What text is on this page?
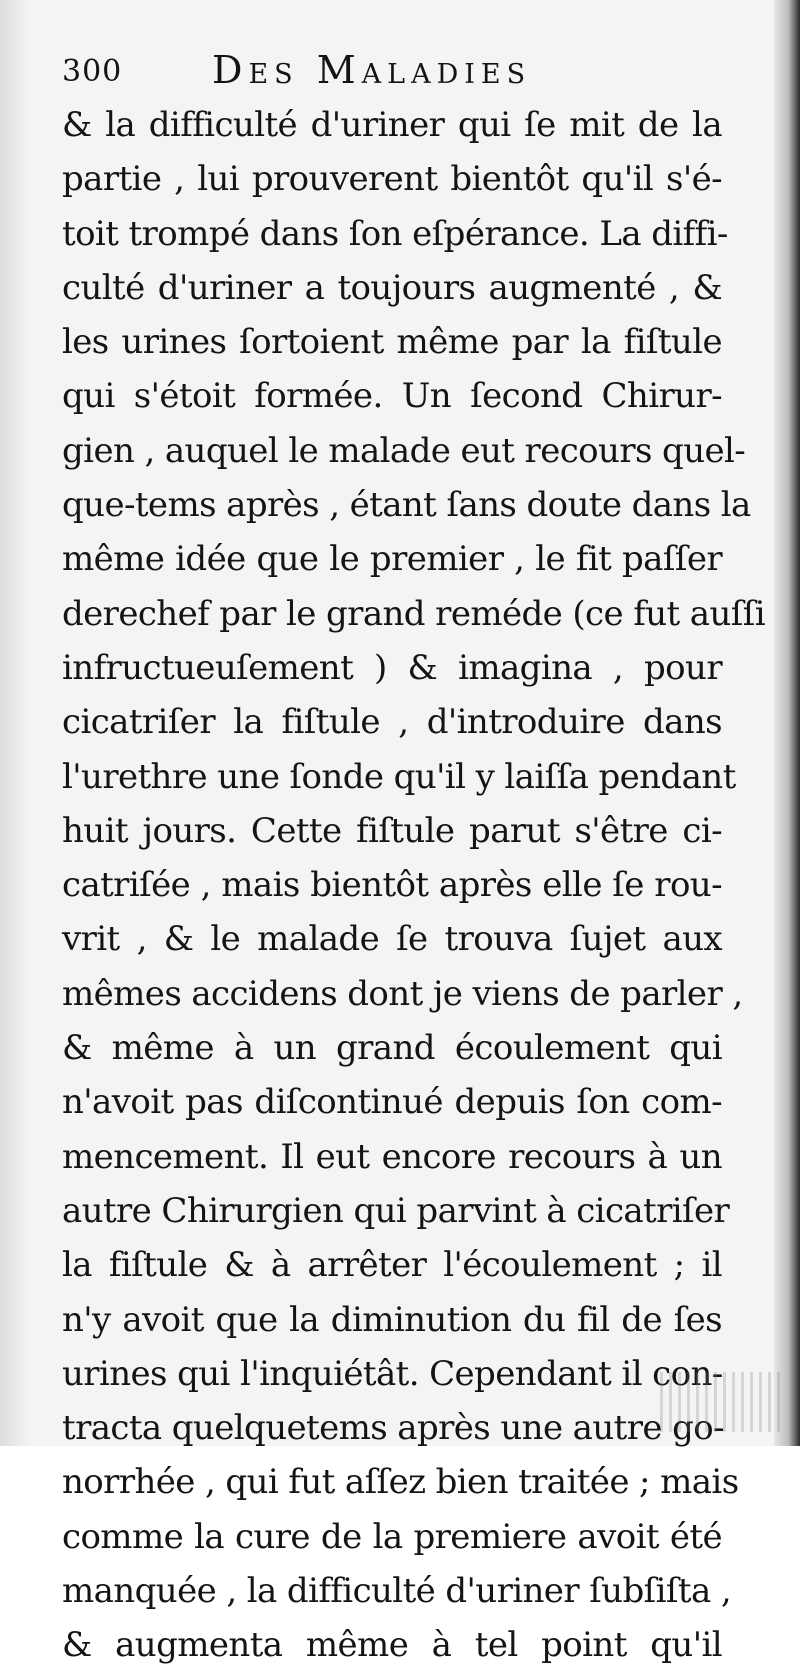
300 Des Maladies
& la difficulté d'uriner qui ſe mit de la
partie , lui prouverent bientôt qu'il s'é-
toit trompé dans ſon eſpérance. La diffi-
culté d'uriner a toujours augmenté , &
les urines ſortoient même par la fiſtule
qui s'étoit formée. Un ſecond Chirur-
gien , auquel le malade eut recours quel-
que-tems après , étant ſans doute dans la
même idée que le premier , le fit paſſer
derechef par le grand reméde (ce fut auſſi
infructueuſement ) & imagina , pour
cicatriſer la fiſtule , d'introduire dans
l'urethre une ſonde qu'il y laiſſa pendant
huit jours. Cette fiſtule parut s'être ci-
catriſée , mais bientôt après elle ſe rou-
vrit , & le malade ſe trouva ſujet aux
mêmes accidens dont je viens de parler ,
& même à un grand écoulement qui
n'avoit pas diſcontinué depuis ſon com-
mencement. Il eut encore recours à un
autre Chirurgien qui parvint à cicatriſer
la fiſtule & à arrêter l'écoulement ; il
n'y avoit que la diminution du fil de ſes
urines qui l'inquiétât. Cependant il con-
tracta quelquetems après une autre go-
norrhée , qui fut aſſez bien traitée ; mais
comme la cure de la premiere avoit été
manquée , la difficulté d'uriner ſubſiſta ,
& augmenta même à tel point qu'il
